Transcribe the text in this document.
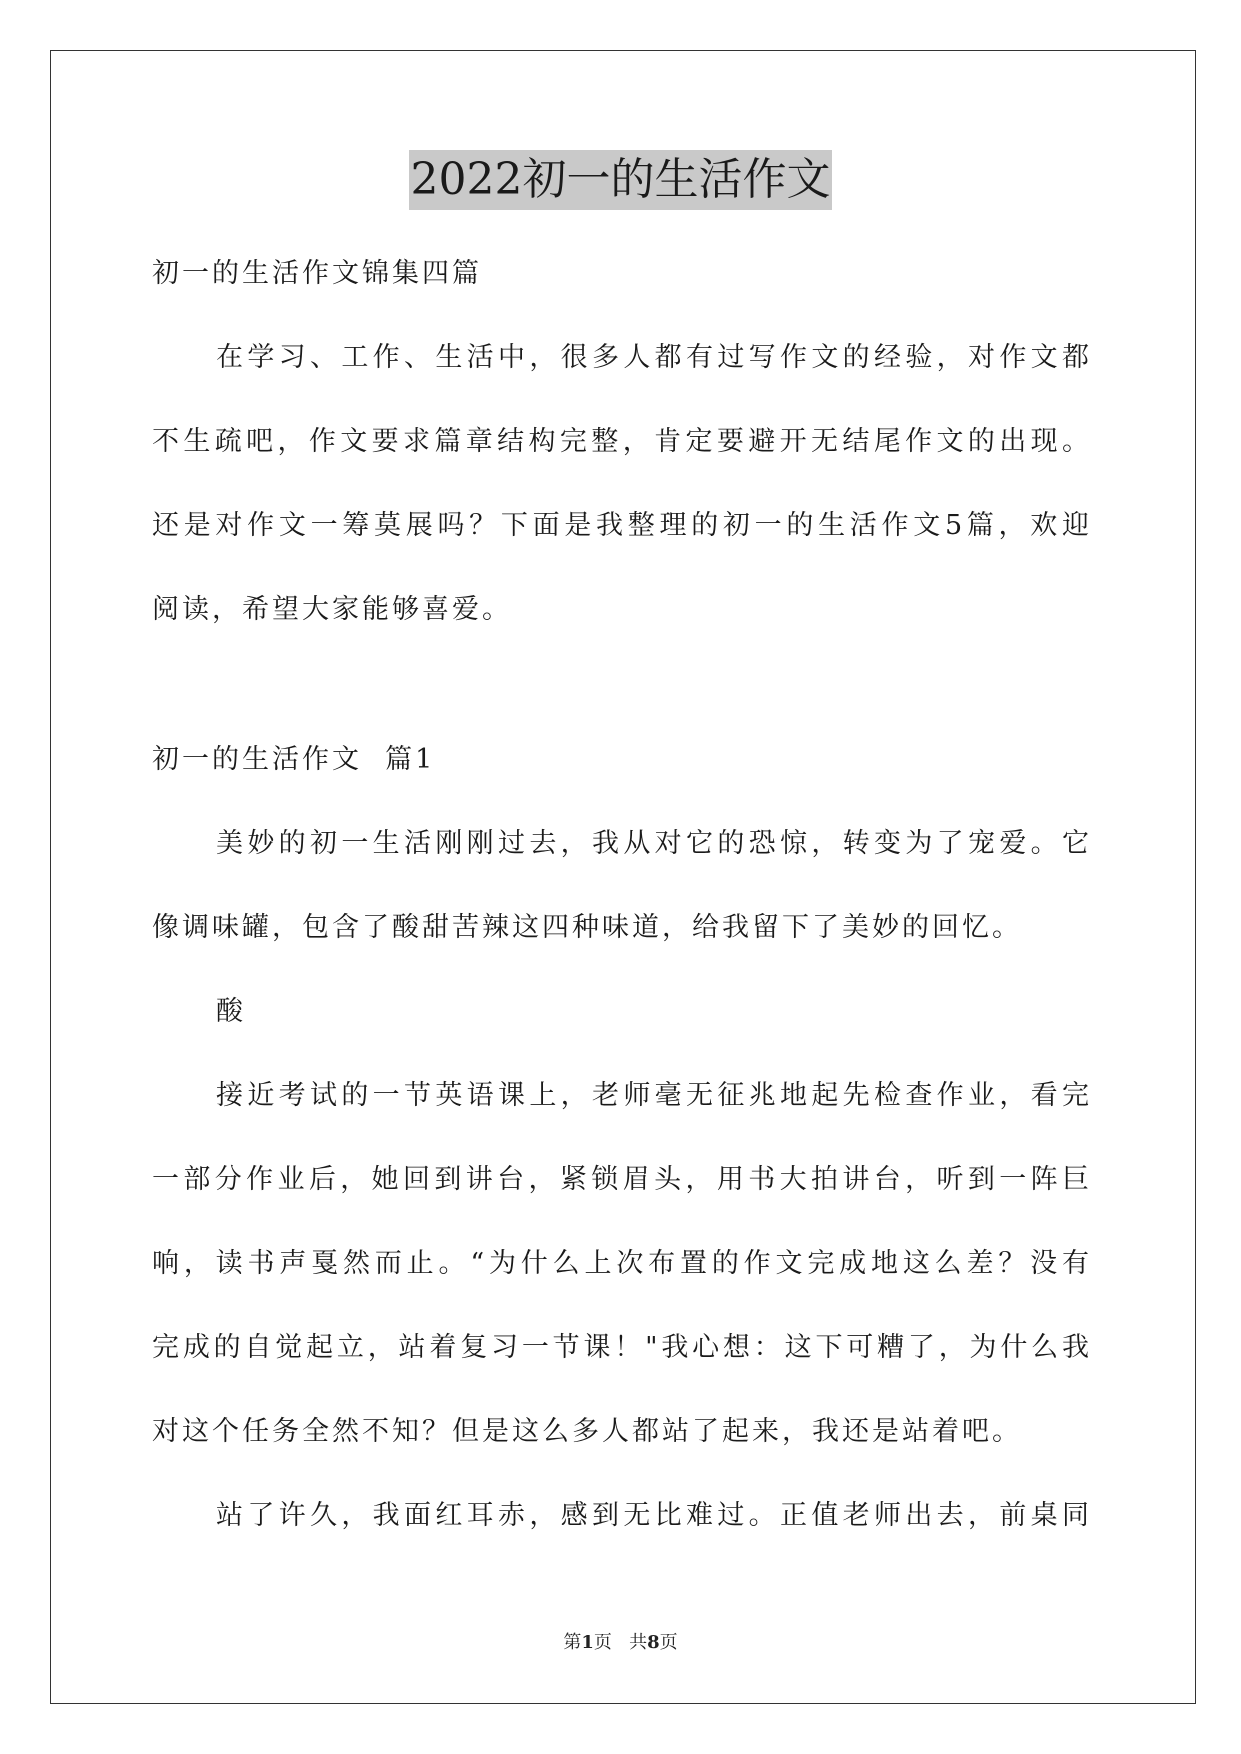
2022初一的生活作文
初一的生活作文锦集四篇
在学习、工作、生活中，很多人都有过写作文的经验，对作文都
不生疏吧，作文要求篇章结构完整，肯定要避开无结尾作文的出现。
还是对作文一筹莫展吗？下面是我整理的初一的生活作文5篇，欢迎
阅读，希望大家能够喜爱。
初一的生活作文  篇1
美妙的初一生活刚刚过去，我从对它的恐惊，转变为了宠爱。它
像调味罐，包含了酸甜苦辣这四种味道，给我留下了美妙的回忆。
酸
接近考试的一节英语课上，老师毫无征兆地起先检查作业，看完
一部分作业后，她回到讲台，紧锁眉头，用书大拍讲台，听到一阵巨
响，读书声戛然而止。“为什么上次布置的作文完成地这么差？没有
完成的自觉起立，站着复习一节课！"我心想：这下可糟了，为什么我
对这个任务全然不知？但是这么多人都站了起来，我还是站着吧。
站了许久，我面红耳赤，感到无比难过。正值老师出去，前桌同
第1页   共8页
